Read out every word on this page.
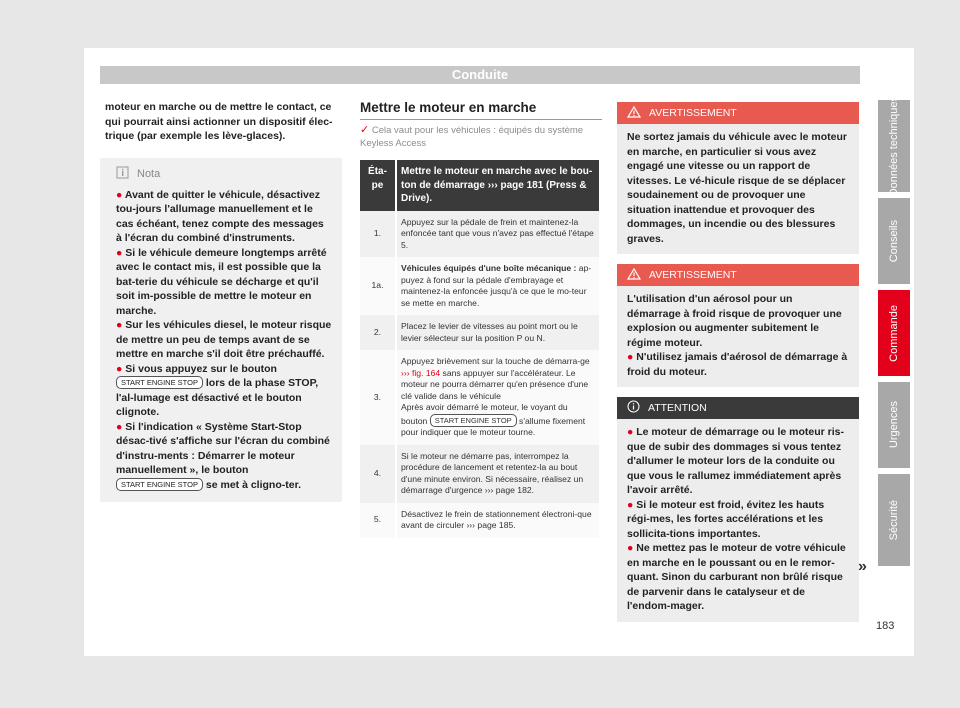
Conduite

moteur en marche ou de mettre le contact, ce qui pourrait ainsi actionner un dispositif élec-trique (par exemple les lève-glaces).

Nota

● Avant de quitter le véhicule, désactivez tou-jours l'allumage manuellement et le cas échéant, tenez compte des messages à l'écran du combiné d'instruments.

● Si le véhicule demeure longtemps arrêté avec le contact mis, il est possible que la bat-terie du véhicule se décharge et qu'il soit im-possible de mettre le moteur en marche.

● Sur les véhicules diesel, le moteur risque de mettre un peu de temps avant de se mettre en marche s'il doit être préchauffé.

● Si vous appuyez sur le bouton START ENGINE STOP lors de la phase STOP, l'al-lumage est désactivé et le bouton clignote.

● Si l'indication « Système Start-Stop désac-tivé s'affiche sur l'écran du combiné d'instru-ments : Démarrer le moteur manuellement », le bouton START ENGINE STOP se met à cligno-ter.

Mettre le moteur en marche

✓ Cela vaut pour les véhicules : équipés du système Keyless Access

Éta-pe	Mettre le moteur en marche avec le bou-ton de démarrage ››› page 181 (Press & Drive).
1.	Appuyez sur la pédale de frein et maintenez-la enfoncée tant que vous n'avez pas effectué l'étape 5.
1a.	Véhicules équipés d'une boîte mécanique : ap-puyez à fond sur la pédale d'embrayage et maintenez-la enfoncée jusqu'à ce que le mo-teur se mette en marche.
2.	Placez le levier de vitesses au point mort ou le levier sélecteur sur la position P ou N.
3.	Appuyez brièvement sur la touche de démarra-ge ››› fig. 164 sans appuyer sur l'accélérateur. Le moteur ne pourra démarrer qu'en présence d'une clé valide dans le véhicule
Après avoir démarré le moteur, le voyant du bouton START ENGINE STOP s'allume fixement pour indiquer que le moteur tourne.
4.	Si le moteur ne démarre pas, interrompez la procédure de lancement et retentez-la au bout d'une minute environ. Si nécessaire, réalisez un démarrage d'urgence ››› page 182.
5.	Désactivez le frein de stationnement électroni-que avant de circuler ››› page 185.
AVERTISSEMENT
Ne sortez jamais du véhicule avec le moteur en marche, en particulier si vous avez engagé une vitesse ou un rapport de vitesses. Le vé-hicule risque de se déplacer soudainement ou de provoquer une situation inattendue et provoquer des dommages, un incendie ou des blessures graves.
AVERTISSEMENT

L'utilisation d'un aérosol pour un démarrage à froid risque de provoquer une explosion ou augmenter subitement le régime moteur.

● N'utilisez jamais d'aérosol de démarrage à froid du moteur.

ATTENTION

● Le moteur de démarrage ou le moteur ris-que de subir des dommages si vous tentez d'allumer le moteur lors de la conduite ou que vous le rallumez immédiatement après l'avoir arrêté.

● Si le moteur est froid, évitez les hauts régi-mes, les fortes accélérations et les sollicita-tions importantes.

● Ne mettez pas le moteur de votre véhicule en marche en le poussant ou en le remor-quant. Sinon du carburant non brûlé risque de parvenir dans le catalyseur et de l'endom-mager.

»
Données techniques
Conseils
Commande
Urgences
Sécurité
183
